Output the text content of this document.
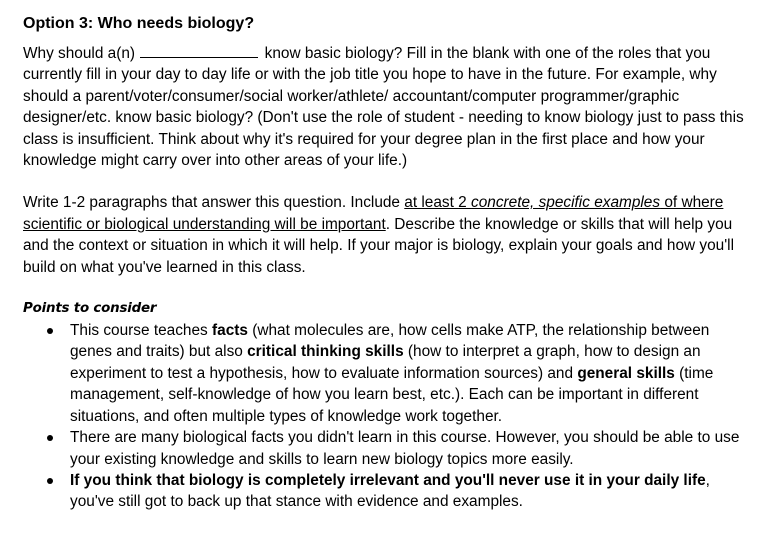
Option 3: Who needs biology?

Why should a(n)	know basic biology? Fill in the blank with one of the roles that you currently fill in your day to day life or with the job title you hope to have in the future. For example, why should a parent/voter/consumer/social worker/athlete/ accountant/computer programmer/graphic designer/etc. know basic biology? (Don't use the role of student - needing to know biology just to pass this class is insufficient. Think about why it's required for your degree plan in the first place and how your knowledge might carry over into other areas of your life.)

Write 1-2 paragraphs that answer this question. Include at least 2 concrete, specific examples of where scientific or biological understanding will be important. Describe the knowledge or skills that will help you and the context or situation in which it will help. If your major is biology, explain your goals and how you'll build on what you've learned in this class.

Points to consider
This course teaches facts (what molecules are, how cells make ATP, the relationship between genes and traits) but also critical thinking skills (how to interpret a graph, how to design an experiment to test a hypothesis, how to evaluate information sources) and general skills (time management, self-knowledge of how you learn best, etc.). Each can be important in different situations, and often multiple types of knowledge work together.
There are many biological facts you didn't learn in this course. However, you should be able to use your existing knowledge and skills to learn new biology topics more easily.
If you think that biology is completely irrelevant and you'll never use it in your daily life, you've still got to back up that stance with evidence and examples.
